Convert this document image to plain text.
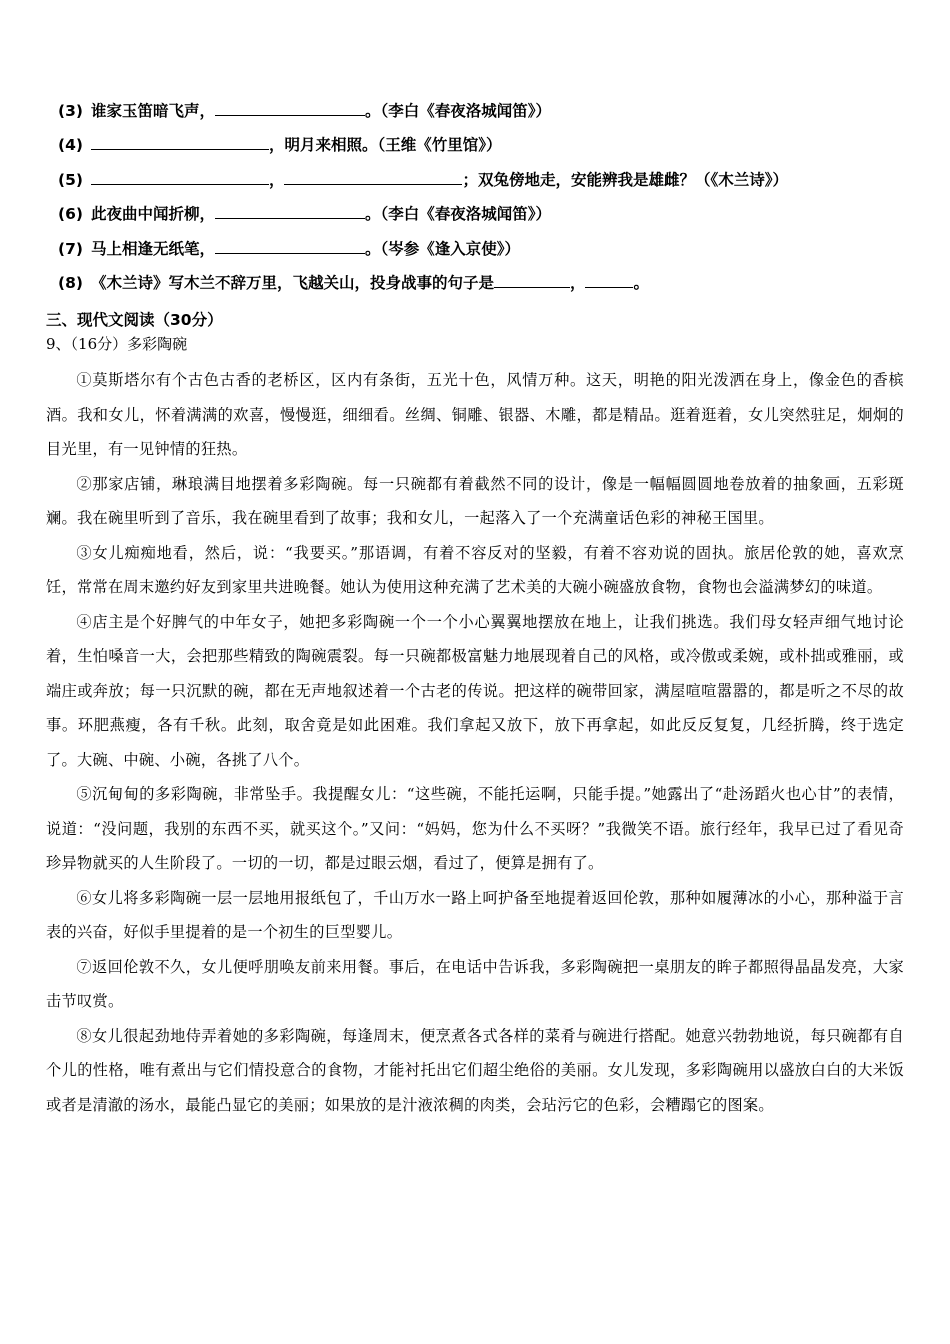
(3) 谁家玉笛暗飞声，	。（李白《春夜洛城闻笛》）
(4)	，明月来相照。（王维《竹里馆》）
(5)	，	；双兔傍地走，安能辨我是雄雌？（《木兰诗》）
(6) 此夜曲中闻折柳，	。（李白《春夜洛城闻笛》）
(7) 马上相逢无纸笔，	。（岑参《逢入京使》）
(8) 《木兰诗》写木兰不辞万里，飞越关山，投身战事的句子是	，	。
三、现代文阅读（30分）
9、（16分）多彩陶碗

①莫斯塔尔有个古色古香的老桥区，区内有条街，五光十色，风情万种。这天，明艳的阳光泼洒在身上，像金色的香槟酒。我和女儿，怀着满满的欢喜，慢慢逛，细细看。丝绸、铜雕、银器、木雕，都是精品。逛着逛着，女儿突然驻足，炯炯的目光里，有一见钟情的狂热。

②那家店铺，琳琅满目地摆着多彩陶碗。每一只碗都有着截然不同的设计，像是一幅幅圆圆地卷放着的抽象画，五彩斑斓。我在碗里听到了音乐，我在碗里看到了故事；我和女儿，一起落入了一个充满童话色彩的神秘王国里。

③女儿痴痴地看，然后，说：“我要买。”那语调，有着不容反对的坚毅，有着不容劝说的固执。旅居伦敦的她，喜欢烹饪，常常在周末邀约好友到家里共进晚餐。她认为使用这种充满了艺术美的大碗小碗盛放食物，食物也会溢满梦幻的味道。

④店主是个好脾气的中年女子，她把多彩陶碗一个一个小心翼翼地摆放在地上，让我们挑选。我们母女轻声细气地讨论着，生怕嗓音一大，会把那些精致的陶碗震裂。每一只碗都极富魅力地展现着自己的风格，或冷傲或柔婉，或朴拙或雅丽，或端庄或奔放；每一只沉默的碗，都在无声地叙述着一个古老的传说。把这样的碗带回家，满屋喧喧嚣嚣的，都是听之不尽的故事。环肥燕瘦，各有千秋。此刻，取舍竟是如此困难。我们拿起又放下，放下再拿起，如此反反复复，几经折腾，终于选定了。大碗、中碗、小碗，各挑了八个。

⑤沉甸甸的多彩陶碗，非常坠手。我提醒女儿：“这些碗，不能托运啊，只能手提。”她露出了“赴汤蹈火也心甘”的表情，说道：“没问题，我别的东西不买，就买这个。”又问：“妈妈，您为什么不买呀？”我微笑不语。旅行经年，我早已过了看见奇珍异物就买的人生阶段了。一切的一切，都是过眼云烟，看过了，便算是拥有了。

⑥女儿将多彩陶碗一层一层地用报纸包了，千山万水一路上呵护备至地提着返回伦敦，那种如履薄冰的小心，那种溢于言表的兴奋，好似手里提着的是一个初生的巨型婴儿。

⑦返回伦敦不久，女儿便呼朋唤友前来用餐。事后，在电话中告诉我，多彩陶碗把一桌朋友的眸子都照得晶晶发亮，大家击节叹赏。

⑧女儿很起劲地侍弄着她的多彩陶碗，每逢周末，便烹煮各式各样的菜肴与碗进行搭配。她意兴勃勃地说，每只碗都有自个儿的性格，唯有煮出与它们情投意合的食物，才能衬托出它们超尘绝俗的美丽。女儿发现，多彩陶碗用以盛放白白的大米饭或者是清澈的汤水，最能凸显它的美丽；如果放的是汁液浓稠的肉类，会玷污它的色彩，会糟蹋它的图案。
